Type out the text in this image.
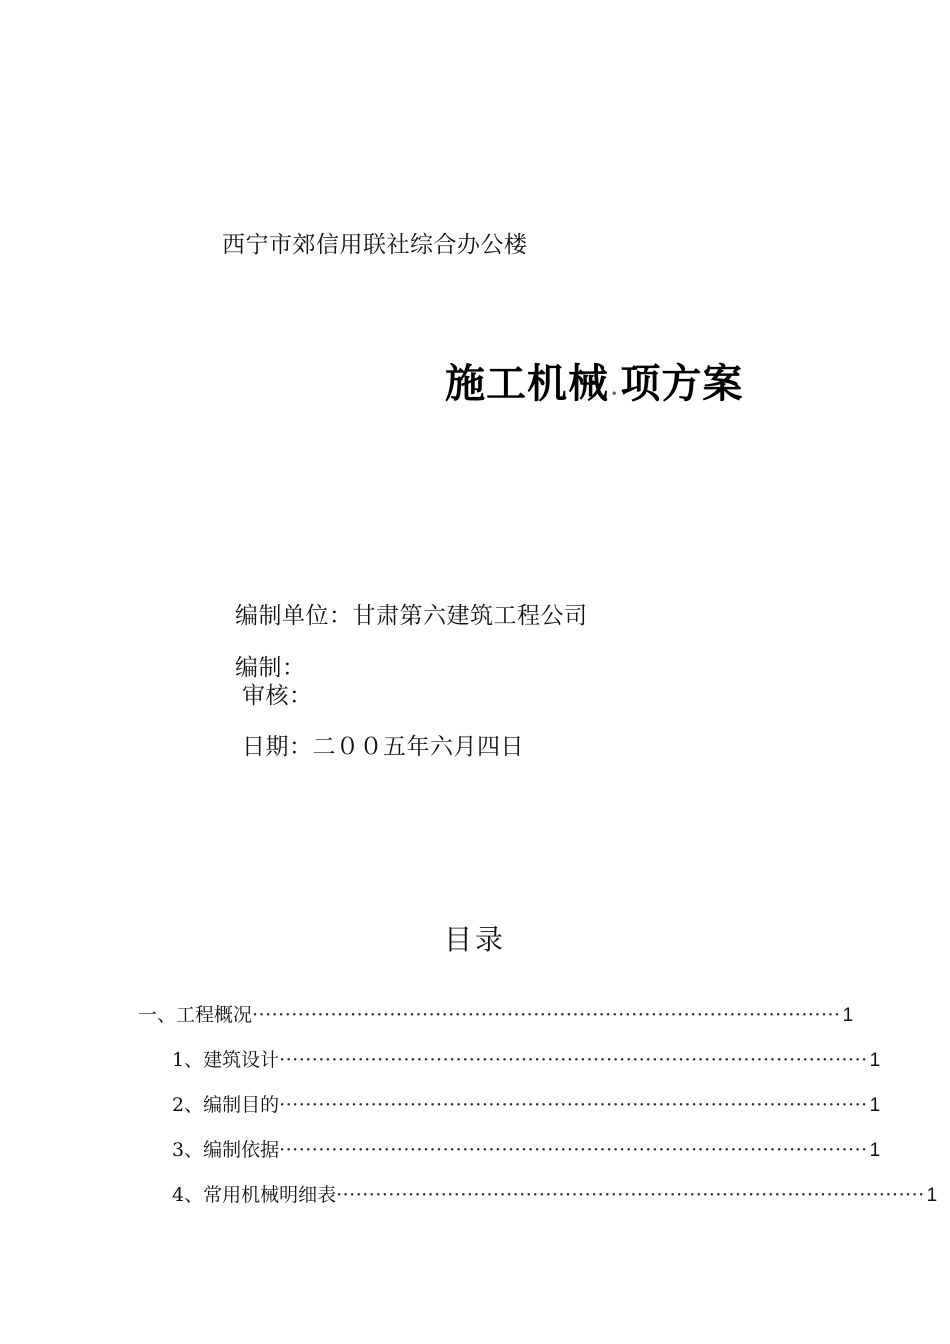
西宁市郊信用联社综合办公楼
施工机械 •项方案
编制单位：甘肃第六建筑工程公司
编制：
审核：
日期：二００五年六月四日
目录
一、工程概况 ·························································································· 1
1、建筑设计 ·························································································· 1
2、编制目的 ·························································································· 1
3、编制依据 ·························································································· 1
4、常用机械明细表 ·························································································· 1
